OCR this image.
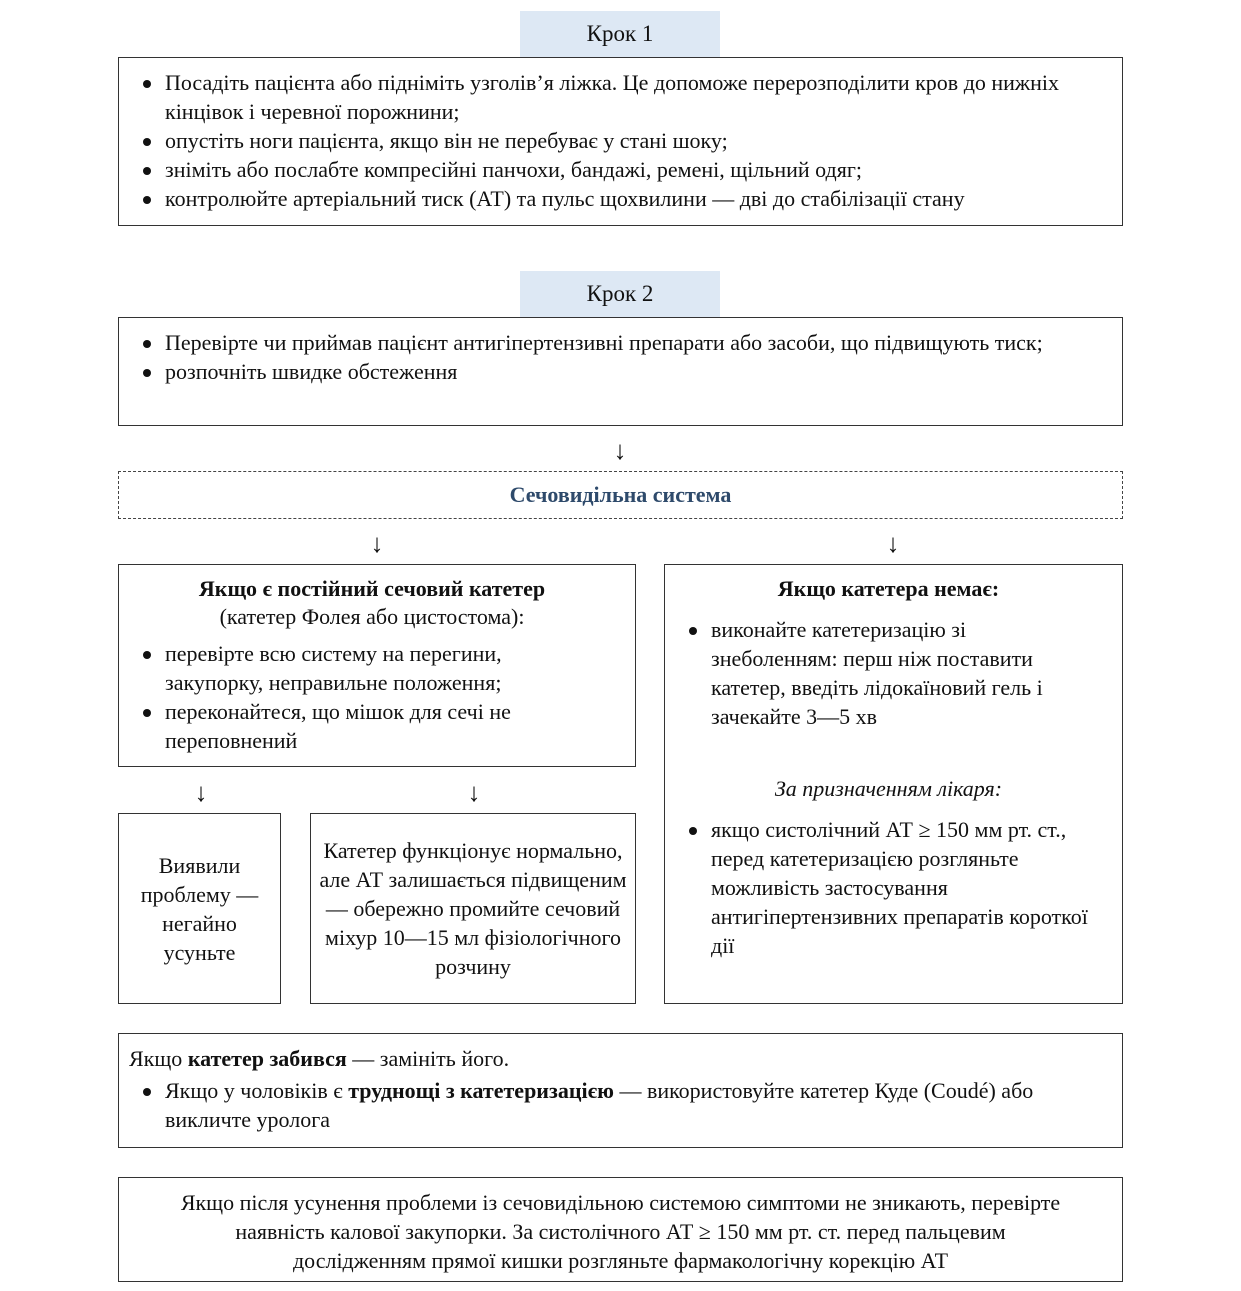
Крок 1
Посадіть пацієнта або підніміть узголів’я ліжка. Це допоможе перерозподілити кров до нижніх кінцівок і черевної порожнини;
опустіть ноги пацієнта, якщо він не перебуває у стані шоку;
зніміть або послабте компресійні панчохи, бандажі, ремені, щільний одяг;
контролюйте артеріальний тиск (АТ) та пульс щохвилини — дві до стабілізації стану
Крок 2
Перевірте чи приймав пацієнт антигіпертензивні препарати або засоби, що підвищують тиск;
розпочніть швидке обстеження
↓
Сечовидільна система
↓	↓
Якщо є постійний сечовий катетер
(катетер Фолея або цистостома):
перевірте всю систему на перегини, закупорку, неправильне положення;
переконайтеся, що мішок для сечі не переповнений
↓	↓
Виявили проблему — негайно усуньте
Катетер функціонує нормально, але АТ залишається підвищеним — обережно промийте сечовий міхур 10—15 мл фізіологічного розчину
Якщо катетера немає:
виконайте катетеризацію зі знеболенням: перш ніж поставити катетер, введіть лідокаїновий гель і зачекайте 3—5 хв
За призначенням лікаря:
якщо систолічний АТ ≥ 150 мм рт. ст., перед катетеризацією розгляньте можливість застосування антигіпертензивних препаратів короткої дії
Якщо катетер забився — замініть його.
Якщо у чоловіків є труднощі з катетеризацією — використовуйте катетер Куде (Coudé) або викличте уролога
Якщо після усунення проблеми із сечовидільною системою симптоми не зникають, перевірте наявність калової закупорки. За систолічного АТ ≥ 150 мм рт. ст. перед пальцевим дослідженням прямої кишки розгляньте фармакологічну корекцію АТ
